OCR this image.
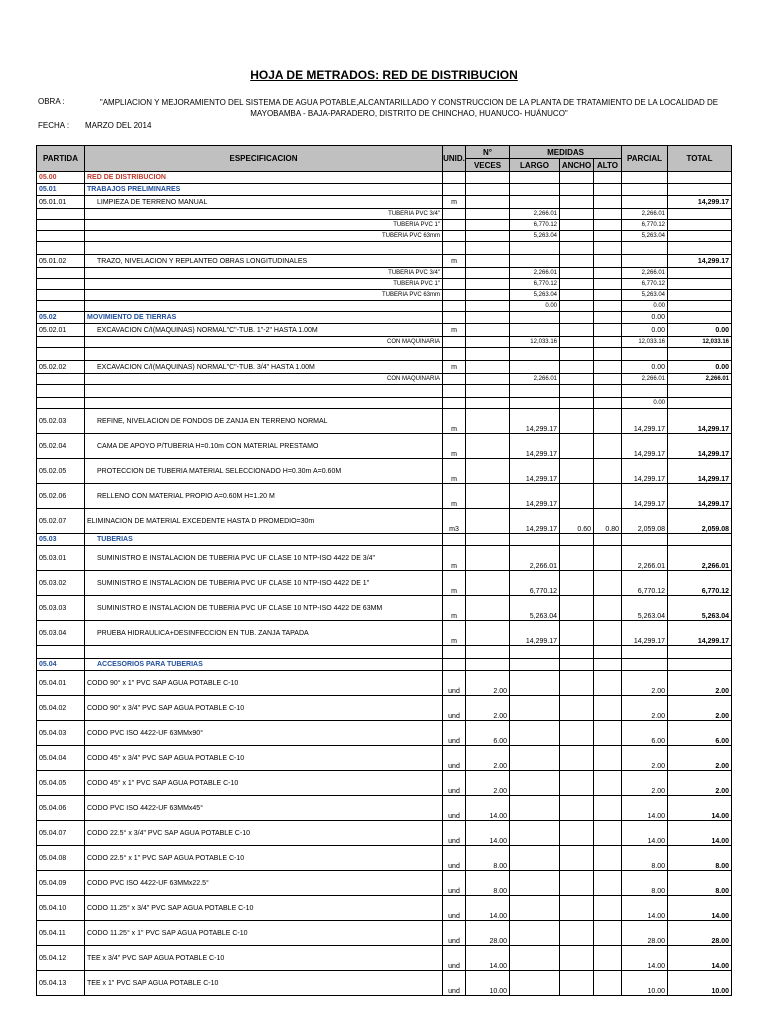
HOJA DE METRADOS: RED DE DISTRIBUCION
OBRA :	"AMPLIACION Y MEJORAMIENTO DEL SISTEMA DE AGUA POTABLE,ALCANTARILLADO Y CONSTRUCCION DE LA PLANTA DE TRATAMIENTO DE LA LOCALIDAD DE
MAYOBAMBA - BAJA-PARADERO, DISTRITO DE CHINCHAO, HUANUCO- HUÁNUCO"
FECHA : MARZO DEL 2014
PARTIDA	ESPECIFICACION	UNID.	N°	MEDIDAS			PARCIAL	TOTAL
			VECES	LARGO	ANCHO	ALTO		
05.00	RED DE DISTRIBUCION							
05.01	TRABAJOS PRELIMINARES							
05.01.01	LIMPIEZA DE TERRENO MANUAL	m						14,299.17
	TUBERIA PVC 3/4"			2,266.01			2,266.01	
	TUBERIA PVC 1"			6,770.12			6,770.12	
	TUBERIA PVC 63mm			5,263.04			5,263.04	

05.01.02	TRAZO, NIVELACION Y REPLANTEO OBRAS LONGITUDINALES	m						14,299.17
	TUBERIA PVC 3/4"			2,266.01			2,266.01	
	TUBERIA PVC 1"			6,770.12			6,770.12	
	TUBERIA PVC 63mm			5,263.04			5,263.04	
				0.00			0.00	
05.02	MOVIMIENTO DE TIERRAS						0.00	
05.02.01	EXCAVACION C/I(MAQUINAS) NORMAL"C"-TUB. 1"-2" HASTA 1.00M	m					0.00	0.00
	CON MAQUINARIA			12,033.16			12,033.16	12,033.16

05.02.02	EXCAVACION C/I(MAQUINAS) NORMAL"C"-TUB. 3/4" HASTA 1.00M	m					0.00	0.00
	CON MAQUINARIA			2,266.01			2,266.01	2,266.01

							0.00	
05.02.03	REFINE, NIVELACION DE FONDOS DE ZANJA EN TERRENO NORMAL	m		14,299.17			14,299.17	14,299.17
05.02.04	CAMA DE APOYO P/TUBERIA H=0.10m CON MATERIAL PRESTAMO	m		14,299.17			14,299.17	14,299.17
05.02.05	PROTECCION DE TUBERIA MATERIAL SELECCIONADO H=0.30m A=0.60M	m		14,299.17			14,299.17	14,299.17
05.02.06	RELLENO CON MATERIAL PROPIO A=0.60M H=1.20 M	m		14,299.17			14,299.17	14,299.17
05.02.07	ELIMINACION DE MATERIAL EXCEDENTE HASTA D PROMEDIO=30m	m3		14,299.17	0.60	0.80	2,059.08	2,059.08
05.03	TUBERIAS							
05.03.01	SUMINISTRO E INSTALACION DE TUBERIA PVC UF CLASE 10 NTP-ISO 4422 DE 3/4"	m		2,266.01			2,266.01	2,266.01
05.03.02	SUMINISTRO E INSTALACION DE TUBERIA PVC UF CLASE 10 NTP-ISO 4422 DE 1"	m		6,770.12			6,770.12	6,770.12
05.03.03	SUMINISTRO E INSTALACION DE TUBERIA PVC UF CLASE 10 NTP-ISO 4422 DE 63MM	m		5,263.04			5,263.04	5,263.04
05.03.04	PRUEBA HIDRAULICA+DESINFECCION EN TUB. ZANJA TAPADA	m		14,299.17			14,299.17	14,299.17

05.04	ACCESORIOS PARA TUBERIAS							
05.04.01	CODO 90° x 1" PVC SAP AGUA POTABLE C-10	und	2.00				2.00	2.00
05.04.02	CODO 90° x 3/4" PVC SAP AGUA POTABLE C-10	und	2.00				2.00	2.00
05.04.03	CODO PVC ISO 4422-UF 63MMx90°	und	6.00				6.00	6.00
05.04.04	CODO 45° x 3/4" PVC SAP AGUA POTABLE C-10	und	2.00				2.00	2.00
05.04.05	CODO 45° x 1" PVC SAP AGUA POTABLE C-10	und	2.00				2.00	2.00
05.04.06	CODO PVC ISO 4422-UF 63MMx45°	und	14.00				14.00	14.00
05.04.07	CODO 22.5° x 3/4" PVC SAP AGUA POTABLE C-10	und	14.00				14.00	14.00
05.04.08	CODO 22.5° x 1" PVC SAP AGUA POTABLE C-10	und	8.00				8.00	8.00
05.04.09	CODO PVC ISO 4422-UF 63MMx22.5°	und	8.00				8.00	8.00
05.04.10	CODO 11.25° x 3/4" PVC SAP AGUA POTABLE C-10	und	14.00				14.00	14.00
05.04.11	CODO 11.25° x 1" PVC SAP AGUA POTABLE C-10	und	28.00				28.00	28.00
05.04.12	TEE x 3/4" PVC SAP AGUA POTABLE C-10	und	14.00				14.00	14.00
05.04.13	TEE x 1" PVC SAP AGUA POTABLE C-10	und	10.00				10.00	10.00
